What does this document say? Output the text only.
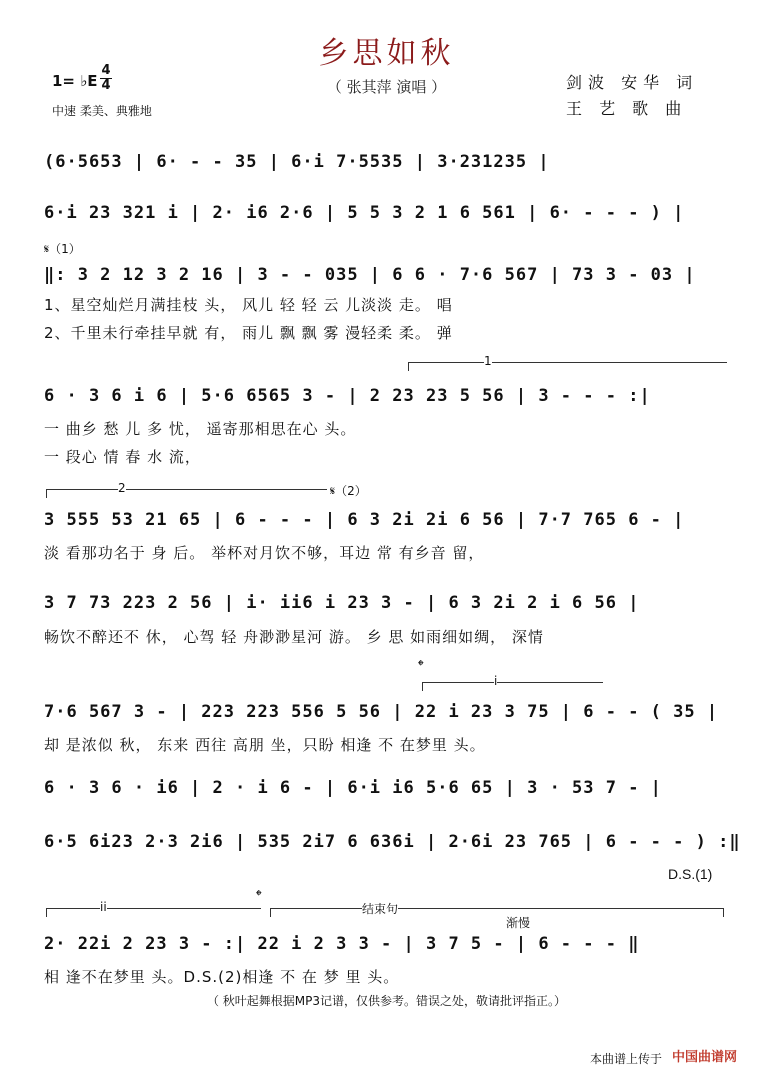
乡思如秋
（ 张其萍 演唱 ）
1= ♭E
4
4
中速 柔美、典雅地
剑波 安华 词
王 艺 歌 曲
(6·5653 | 6· - - 35 | 6·i 7·5535 | 3·231235 |
6·i 23 321 i | 2· i6 2·6 | 5 5 3 2 1 6 561 | 6· - - - ) |
𝄋（1）
‖: 3 2 12 3 2 16 | 3 - - 035 | 6 6 · 7·6 567 | 73 3 - 03 |
1、星空灿烂月满挂枝 头， 风儿 轻 轻 云 儿淡淡 走。 唱
2、千里未行牵挂早就 有， 雨儿 飘 飘 雾 漫轻柔 柔。 弹
1
6 · 3 6 i 6 | 5·6 6565 3 - | 2 23 23 5 56 | 3 - - - :|
一 曲乡 愁 儿 多 忧， 遥寄那相思在心 头。
一 段心 情 春 水 流，
2	𝄋（2）
3 555 53 21 65 | 6 - - - | 6 3 2i 2i 6 56 | 7·7 765 6 - |
淡 看那功名于 身 后。 举杯对月饮不够，耳边 常 有乡音 留，
3 7 73 223 2 56 | i· ii6 i 23 3 - | 6 3 2i 2 i 6 56 |
畅饮不醉还不 休， 心驾 轻 舟渺渺星河 游。 乡 思 如雨细如绸， 深情
𝄌
i
7·6 567 3 - | 223 223 556 5 56 | 22 i 23 3 75 | 6 - - ( 35 |
却 是浓似 秋， 东来 西往 高朋 坐，只盼 相逢 不 在梦里 头。
6 · 3 6 · i6 | 2 · i 6 - | 6·i i6 5·6 65 | 3 · 53 7 - |
6·5 6i23 2·3 2i6 | 535 2i7 6 636i | 2·6i 23 765 | 6 - - - ) :‖
D.S.(1)
ii
𝄌
结束句
渐慢
2· 22i 2 23 3 - :| 22 i 2 3 3 - | 3 7 5 - | 6 - - - ‖
相 逢不在梦里 头。D.S.(2)相逢 不 在 梦 里 头。
（ 秋叶起舞根据MP3记谱，仅供参考。错误之处，敬请批评指正。）
本曲谱上传于 中国曲谱网
